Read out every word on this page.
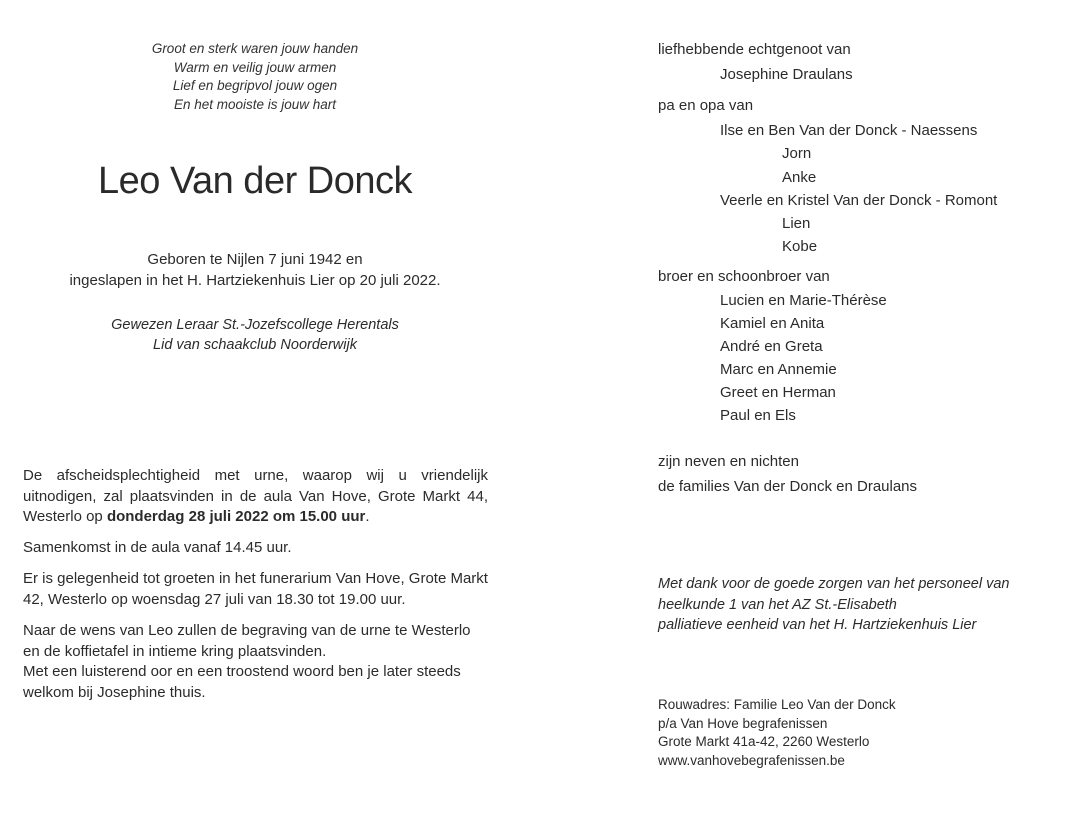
Groot en sterk waren jouw handen
Warm en veilig jouw armen
Lief en begripvol jouw ogen
En het mooiste is jouw hart
Leo Van der Donck
Geboren te Nijlen 7 juni 1942 en
ingeslapen in het H. Hartziekenhuis Lier op 20 juli 2022.
Gewezen Leraar St.-Jozefscollege Herentals
Lid van schaakclub Noorderwijk
De afscheidsplechtigheid met urne, waarop wij u vriendelijk
uitnodigen, zal plaatsvinden in de aula Van Hove, Grote Markt 44,
Westerlo op donderdag 28 juli 2022 om 15.00 uur.
Samenkomst in de aula vanaf 14.45 uur.
Er is gelegenheid tot groeten in het funerarium Van Hove, Grote Markt
42, Westerlo op woensdag 27 juli van 18.30 tot 19.00 uur.
Naar de wens van Leo zullen de begraving van de urne te Westerlo
en de koffietafel in intieme kring plaatsvinden.
Met een luisterend oor en een troostend woord ben je later steeds
welkom bij Josephine thuis.
liefhebbende echtgenoot van
Josephine Draulans
pa en opa van
Ilse en Ben Van der Donck - Naessens
Jorn
Anke
Veerle en Kristel Van der Donck - Romont
Lien
Kobe
broer en schoonbroer van
Lucien en Marie-Thérèse
Kamiel en Anita
André en Greta
Marc en Annemie
Greet en Herman
Paul en Els
zijn neven en nichten
de families Van der Donck en Draulans
Met dank voor de goede zorgen van het personeel van
heelkunde 1 van het AZ St.-Elisabeth
palliatieve eenheid van het H. Hartziekenhuis Lier
Rouwadres: Familie Leo Van der Donck
p/a Van Hove begrafenissen
Grote Markt 41a-42, 2260 Westerlo
www.vanhovebegrafenissen.be
